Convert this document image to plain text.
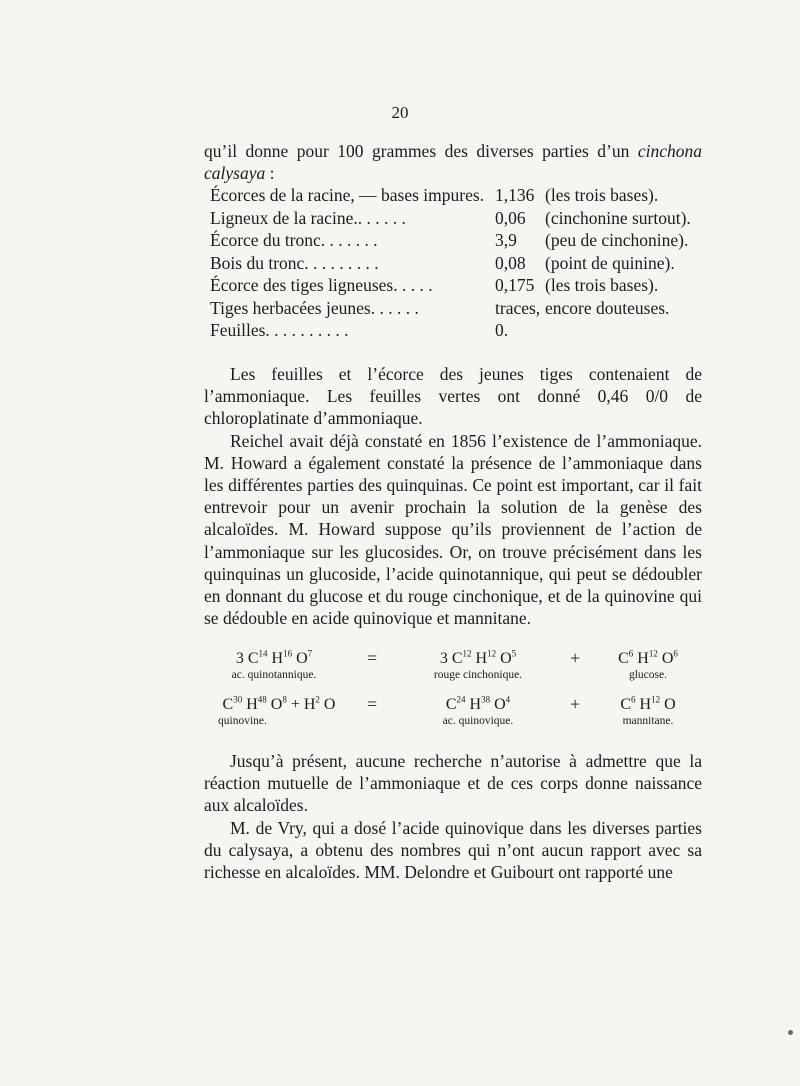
20

qu’il donne pour 100 grammes des diverses parties d’un cinchona calysaya :

Écorces de la racine, — bases impures. 1,136 (les trois bases).
Ligneux de la racine.. . . . . .	0,06	(cinchonine surtout).
Écorce du tronc. . . . . . .	3,9	(peu de cinchonine).
Bois du tronc. . . . . . . . .	0,08	(point de quinine).
Écorce des tiges ligneuses. . . . .	0,175 (les trois bases).
Tiges herbacées jeunes. . . . . .	traces, encore douteuses.
Feuilles. . . . . . . . . .	0.

Les feuilles et l’écorce des jeunes tiges contenaient de l’ammoniaque. Les feuilles vertes ont donné 0,46 0/0 de chloroplatinate d’ammoniaque.

Reichel avait déjà constaté en 1856 l’existence de l’ammoniaque. M. Howard a également constaté la présence de l’ammoniaque dans les différentes parties des quinquinas. Ce point est important, car il fait entrevoir pour un avenir prochain la solution de la genèse des alcaloïdes. M. Howard suppose qu’ils proviennent de l’action de l’ammoniaque sur les glucosides. Or, on trouve précisément dans les quinquinas un glucoside, l’acide quinotannique, qui peut se dédoubler en donnant du glucose et du rouge cinchonique, et de la quinovine qui se dédouble en acide quinovique et mannitane.

3 $C^{14}$ $H^{16}$ $O^7$
ac. quinotannique.
=	3 $C^{12}$ $H^{12}$ $O^5$
rouge cinchonique.
+	$C^6$ $H^{12}$ $O^6$
glucose.
$C^{30}$ $H^{48}$ $O^8 + H^2$ O
quinovine.
=	$C^{24}$ $H^{38}$ $O^4$
ac. quinovique.
+	$C^6$ $H^{12}$ O
mannitane.

Jusqu’à présent, aucune recherche n’autorise à admettre que la réaction mutuelle de l’ammoniaque et de ces corps donne naissance aux alcaloïdes.

M. de Vry, qui a dosé l’acide quinovique dans les diverses parties du calysaya, a obtenu des nombres qui n’ont aucun rapport avec sa richesse en alcaloïdes. MM. Delondre et Guibourt ont rapporté une
